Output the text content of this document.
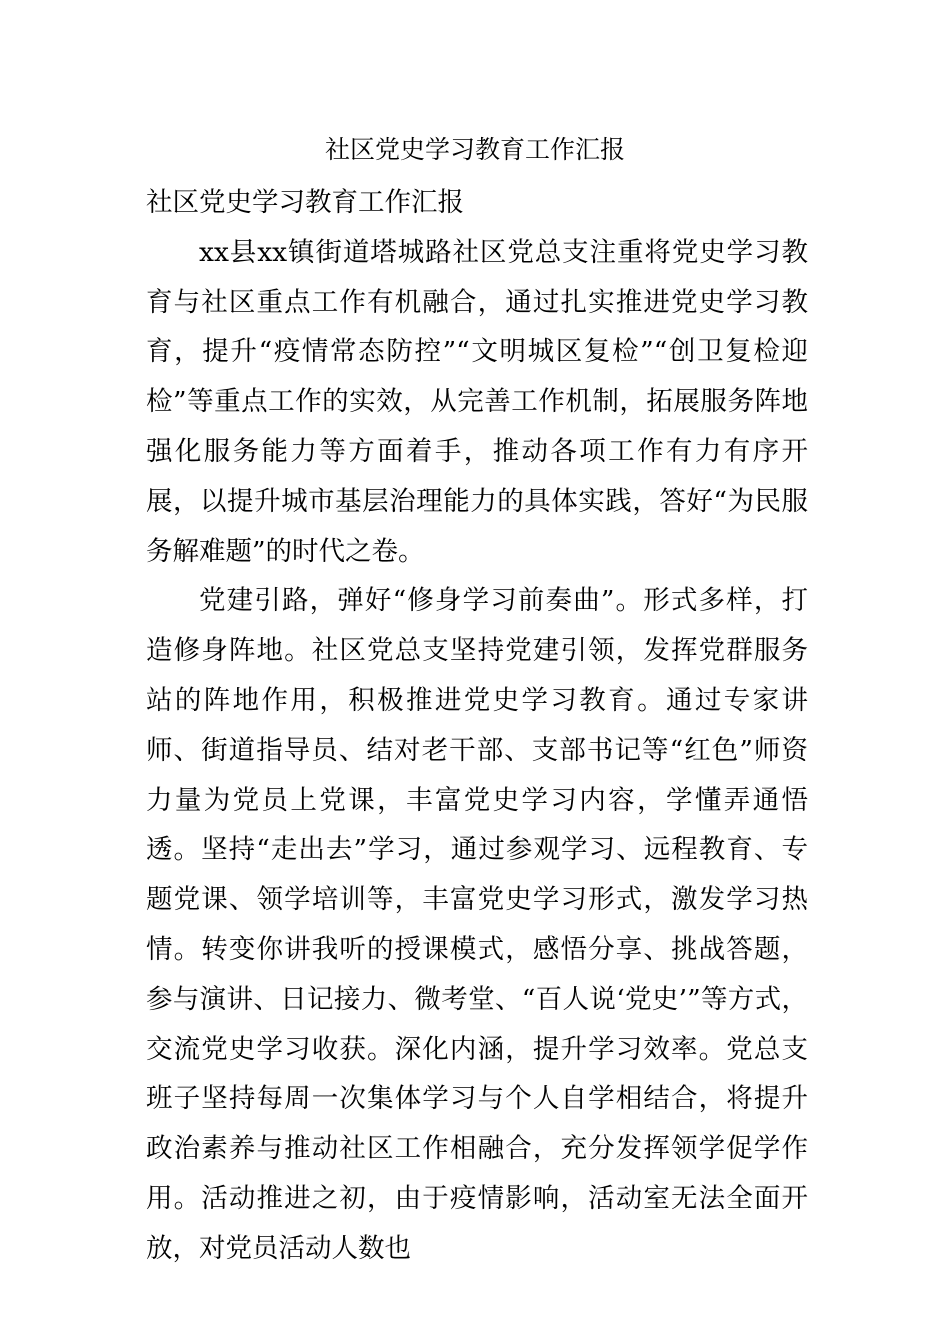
社区党史学习教育工作汇报

社区党史学习教育工作汇报

xx县xx镇街道塔城路社区党总支注重将党史学习教育与社区重点工作有机融合，通过扎实推进党史学习教育，提升“疫情常态防控”“文明城区复检”“创卫复检迎检”等重点工作的实效，从完善工作机制，拓展服务阵地强化服务能力等方面着手，推动各项工作有力有序开展，以提升城市基层治理能力的具体实践，答好“为民服务解难题”的时代之卷。

党建引路，弹好“修身学习前奏曲”。形式多样，打造修身阵地。社区党总支坚持党建引领，发挥党群服务站的阵地作用，积极推进党史学习教育。通过专家讲师、街道指导员、结对老干部、支部书记等“红色”师资力量为党员上党课，丰富党史学习内容，学懂弄通悟透。坚持“走出去”学习，通过参观学习、远程教育、专题党课、领学培训等，丰富党史学习形式，激发学习热情。转变你讲我听的授课模式，感悟分享、挑战答题，参与演讲、日记接力、微考堂、“百人说‘党史’”等方式，交流党史学习收获。深化内涵，提升学习效率。党总支班子坚持每周一次集体学习与个人自学相结合，将提升政治素养与推动社区工作相融合，充分发挥领学促学作用。活动推进之初，由于疫情影响，活动室无法全面开放，对党员活动人数也
